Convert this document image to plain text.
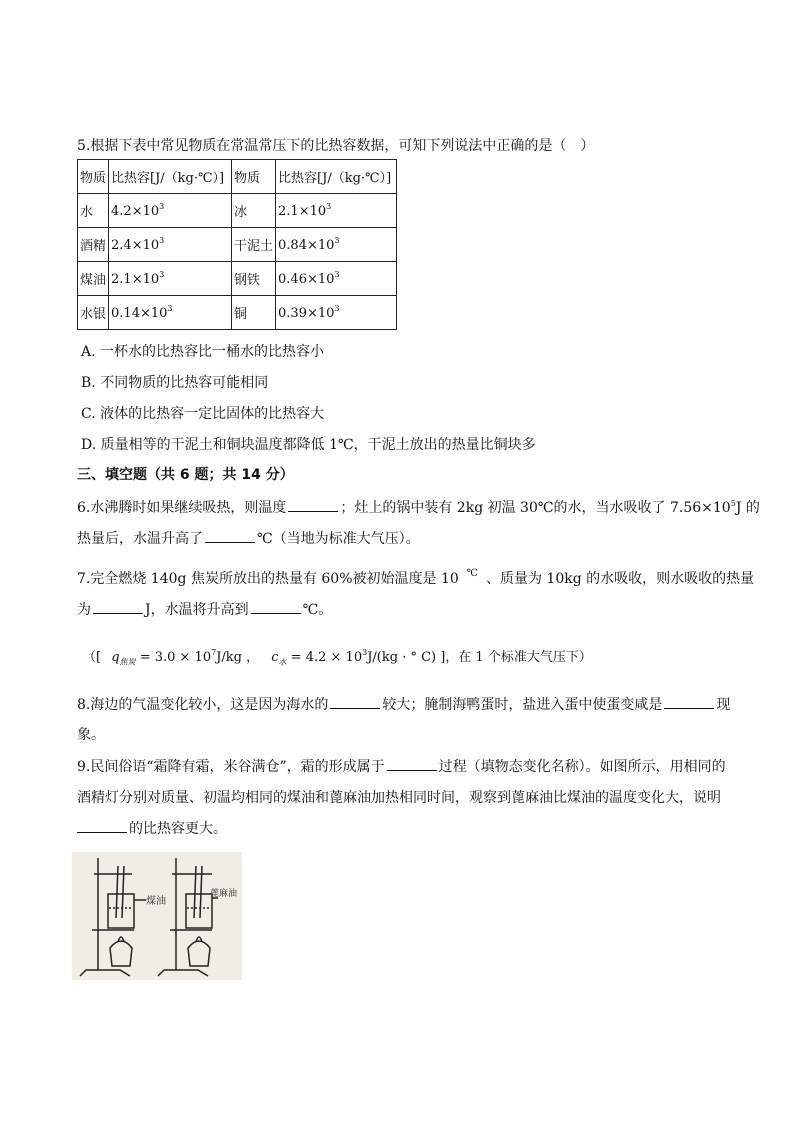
5.根据下表中常见物质在常温常压下的比热容数据，可知下列说法中正确的是（　）
物质	比热容[J/（kg·℃）]	物质	比热容[J/（kg·℃）]
水	$4.2\times 10^3$	冰	$2.1\times 10^3$
酒精	$2.4\times 10^3$	干泥土	$0.84\times 10^3$
煤油	$2.1\times 10^3$	钢铁	$0.46\times 10^3$
水银	$0.14\times 10^3$	铜	$0.39\times 10^3$
A. 一杯水的比热容比一桶水的比热容小
B. 不同物质的比热容可能相同
C. 液体的比热容一定比固体的比热容大
D. 质量相等的干泥土和铜块温度都降低 1℃，干泥土放出的热量比铜块多
三、填空题（共 6 题；共 14 分）
6.水沸腾时如果继续吸热，则温度	；灶上的锅中装有 2kg 初温 30℃的水，当水吸收了 $7.56\times 10^5J$ 的
热量后，水温升高了	℃（当地为标准大气压）。
7.完全燃烧 140g 焦炭所放出的热量有 60%被初始温度是 10 ℃ 、质量为 10kg 的水吸收，则水吸收的热量
为	J，水温将升高到	℃。
（[ $q_{焦炭} = 3.0 \times 10^7J/kg$ ， $c_水 = 4.2 \times 10^3J/(kg$ · ° C) ]，在 1 个标准大气压下）
8.海边的气温变化较小，这是因为海水的	较大；腌制海鸭蛋时，盐进入蛋中使蛋变咸是	现
象。
9.民间俗语“霜降有霜，米谷满仓”，霜的形成属于	过程（填物态变化名称）。如图所示，用相同的
酒精灯分别对质量、初温均相同的煤油和蓖麻油加热相同时间，观察到蓖麻油比煤油的温度变化大，说明
的比热容更大。
煤油
蓖麻油
